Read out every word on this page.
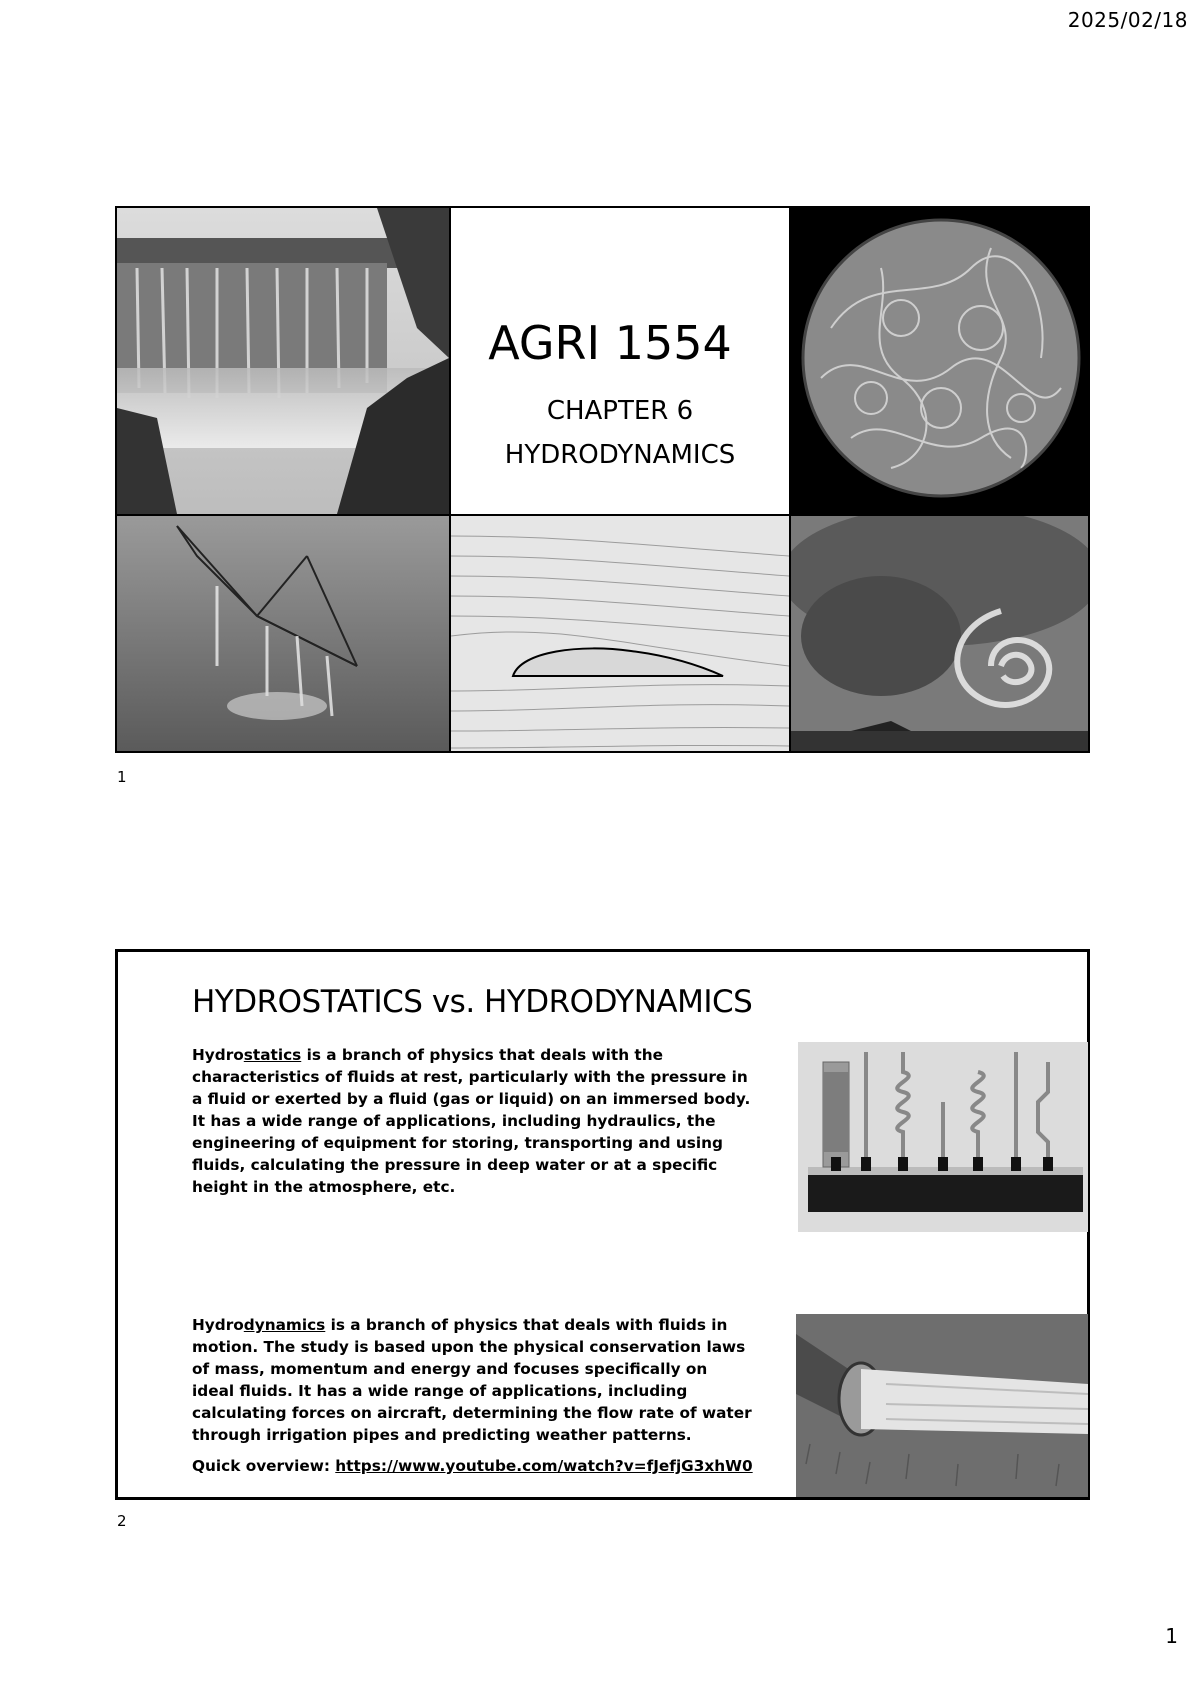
2025/02/18
AGRI 1554
CHAPTER 6
HYDRODYNAMICS
1
HYDROSTATICS vs. HYDRODYNAMICS
Hydrostatics is a branch of physics that deals with the characteristics of fluids at rest, particularly with the pressure in a fluid or exerted by a fluid (gas or liquid) on an immersed body. It has a wide range of applications, including hydraulics, the engineering of equipment for storing, transporting and using fluids, calculating the pressure in deep water or at a specific height in the atmosphere, etc.
Hydrodynamics is a branch of physics that deals with fluids in motion. The study is based upon the physical conservation laws of mass, momentum and energy and focuses specifically on ideal fluids. It has a wide range of applications, including calculating forces on aircraft, determining the flow rate of water through irrigation pipes and predicting weather patterns.
Quick overview: https://www.youtube.com/watch?v=fJefjG3xhW0
2
1
